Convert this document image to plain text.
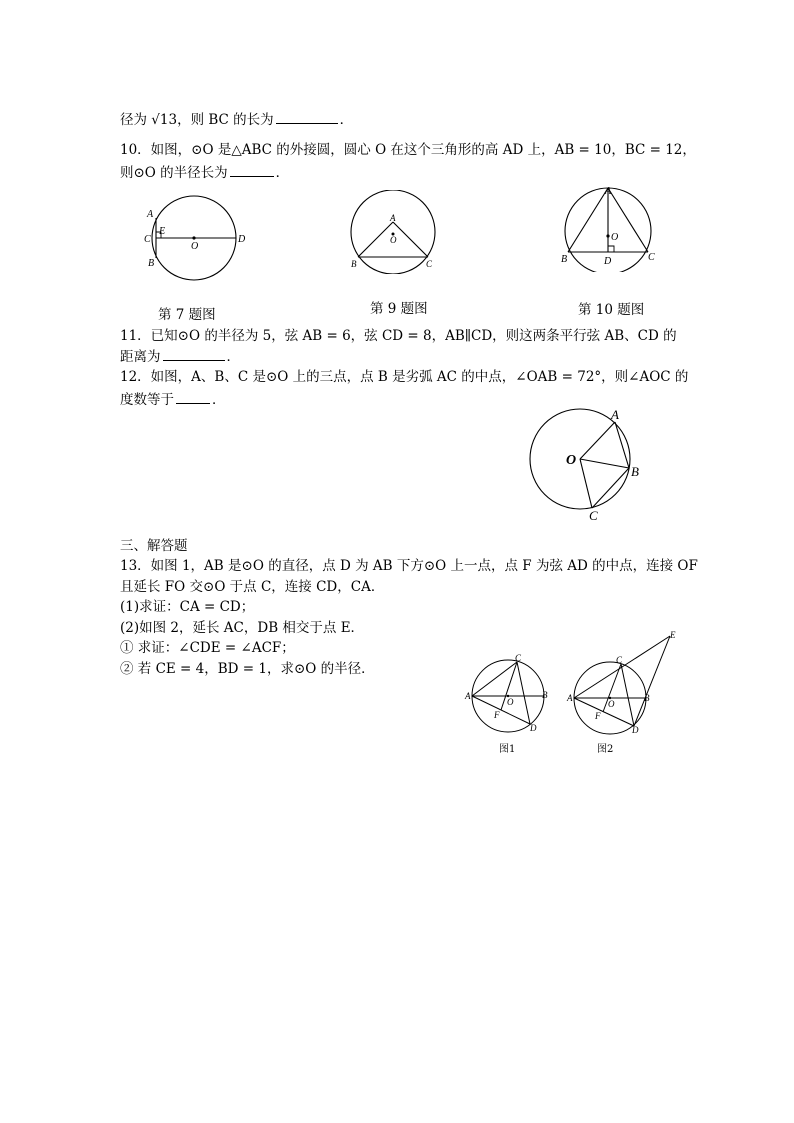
径为 √13，则 BC 的长为	．
10．如图，⊙O 是△ABC 的外接圆，圆心 O 在这个三角形的高 AD 上，AB = 10，BC = 12，
则⊙O 的半径长为	．
A
C
E
O
D
B
第 7 题图
A
O
B	C
第 9 题图
A
O
B	D	C
第 10 题图
11．已知⊙O 的半径为 5，弦 AB = 6，弦 CD = 8，AB∥CD，则这两条平行弦 AB、CD 的
距离为	．
12．如图，A、B、C 是⊙O 上的三点，点 B 是劣弧 AC 的中点，∠OAB = 72°，则∠AOC 的
度数等于	．
A
O
B
C
三、解答题
13．如图 1，AB 是⊙O 的直径，点 D 为 AB 下方⊙O 上一点，点 F 为弦 AD 的中点，连接 OF
且延长 FO 交⊙O 于点 C，连接 CD，CA．
(1)求证：CA = CD；
(2)如图 2，延长 AC，DB 相交于点 E．
① 求证：∠CDE = ∠ACF；
② 若 CE = 4，BD = 1，求⊙O 的半径．
A
C
B
O
F
D
图1
A
C
B
O
F
D
E
图2
